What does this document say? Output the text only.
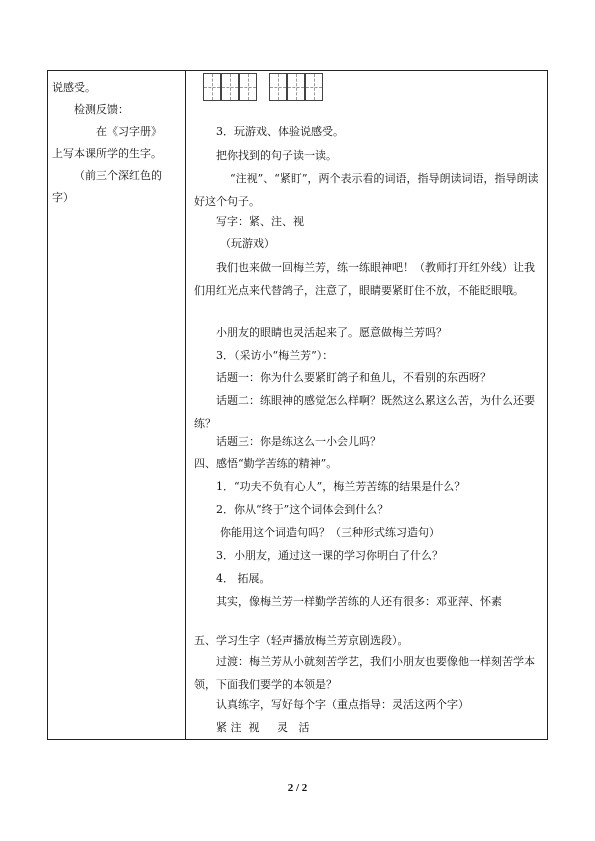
说感受。

检测反馈：

在《习字册》

上写本课所学的生字。

（前三个深红色的

字）

3．玩游戏、体验说感受。
把你找到的句子读一读。
“注视”、“紧盯”，两个表示看的词语，指导朗读词语，指导朗读好这个句子。
写字：紧、注、视
（玩游戏）
我们也来做一回梅兰芳，练一练眼神吧！（教师打开红外线）让我们用红光点来代替鸽子，注意了，眼睛要紧盯住不放，不能眨眼哦。
小朋友的眼睛也灵活起来了。愿意做梅兰芳吗？
3．（采访小“梅兰芳”）：
话题一：你为什么要紧盯鸽子和鱼儿，不看别的东西呀？
话题二：练眼神的感觉怎么样啊？既然这么累这么苦，为什么还要练？
话题三：你是练这么一小会儿吗？
四、感悟“勤学苦练的精神”。
1．“功夫不负有心人”，梅兰芳苦练的结果是什么？
2．你从“终于”这个词体会到什么？
你能用这个词造句吗？（三种形式练习造句）
3．小朋友，通过这一课的学习你明白了什么？
4． 拓展。
其实，像梅兰芳一样勤学苦练的人还有很多：邓亚萍、怀素
五、学习生字（轻声播放梅兰芳京剧选段）。
过渡：梅兰芳从小就刻苦学艺，我们小朋友也要像他一样刻苦学本领，下面我们要学的本领是？
认真练字，写好每个字（重点指导：灵活这两个字）
紧 注  视     灵   活
2 / 2
